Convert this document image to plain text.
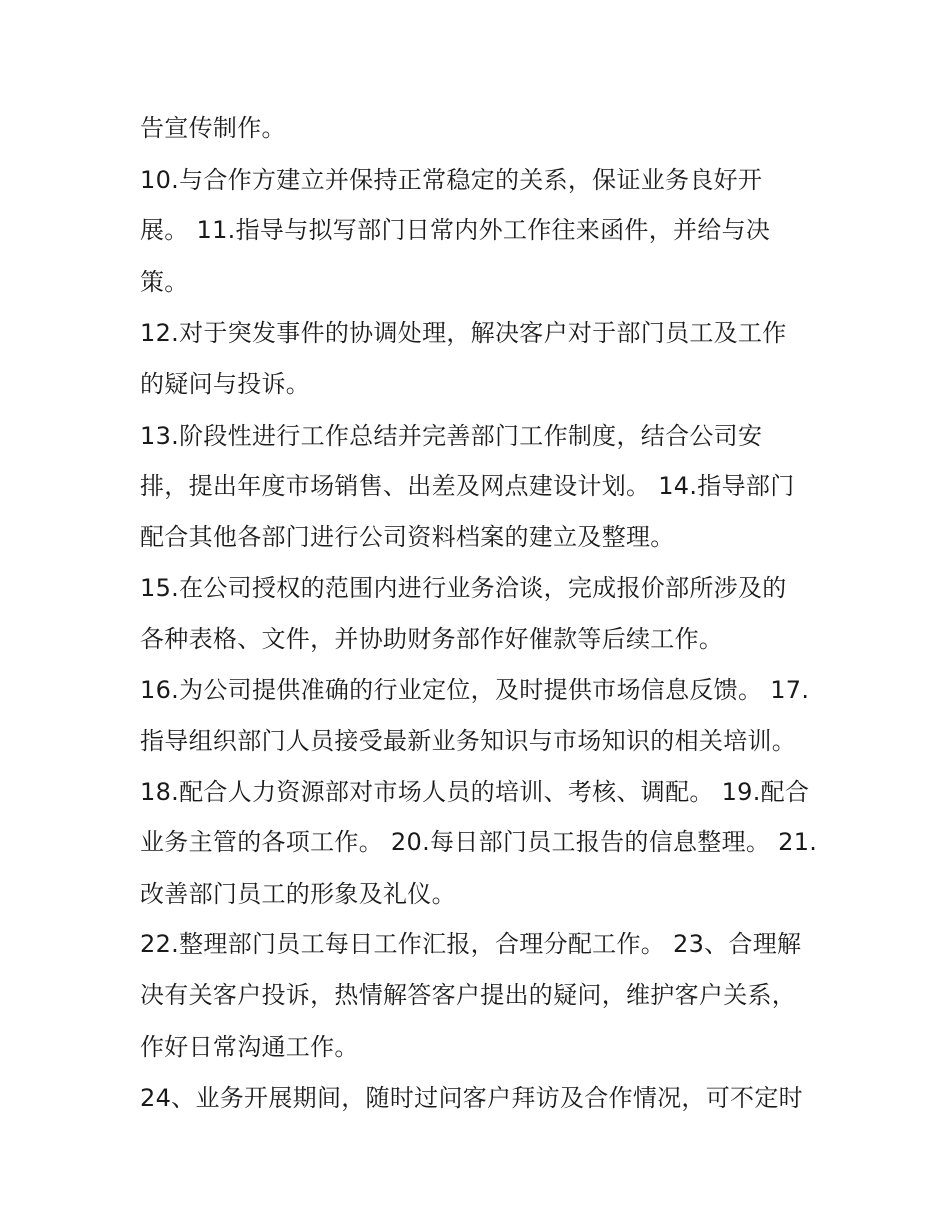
告宣传制作。
10.与合作方建立并保持正常稳定的关系，保证业务良好开
展。 11.指导与拟写部门日常内外工作往来函件，并给与决
策。
12.对于突发事件的协调处理，解决客户对于部门员工及工作
的疑问与投诉。
13.阶段性进行工作总结并完善部门工作制度，结合公司安
排，提出年度市场销售、出差及网点建设计划。 14.指导部门
配合其他各部门进行公司资料档案的建立及整理。
15.在公司授权的范围内进行业务洽谈，完成报价部所涉及的
各种表格、文件，并协助财务部作好催款等后续工作。
16.为公司提供准确的行业定位，及时提供市场信息反馈。 17.
指导组织部门人员接受最新业务知识与市场知识的相关培训。
18.配合人力资源部对市场人员的培训、考核、调配。 19.配合
业务主管的各项工作。 20.每日部门员工报告的信息整理。 21.
改善部门员工的形象及礼仪。
22.整理部门员工每日工作汇报，合理分配工作。 23、合理解
决有关客户投诉，热情解答客户提出的疑问，维护客户关系，
作好日常沟通工作。
24、业务开展期间，随时过问客户拜访及合作情况，可不定时
